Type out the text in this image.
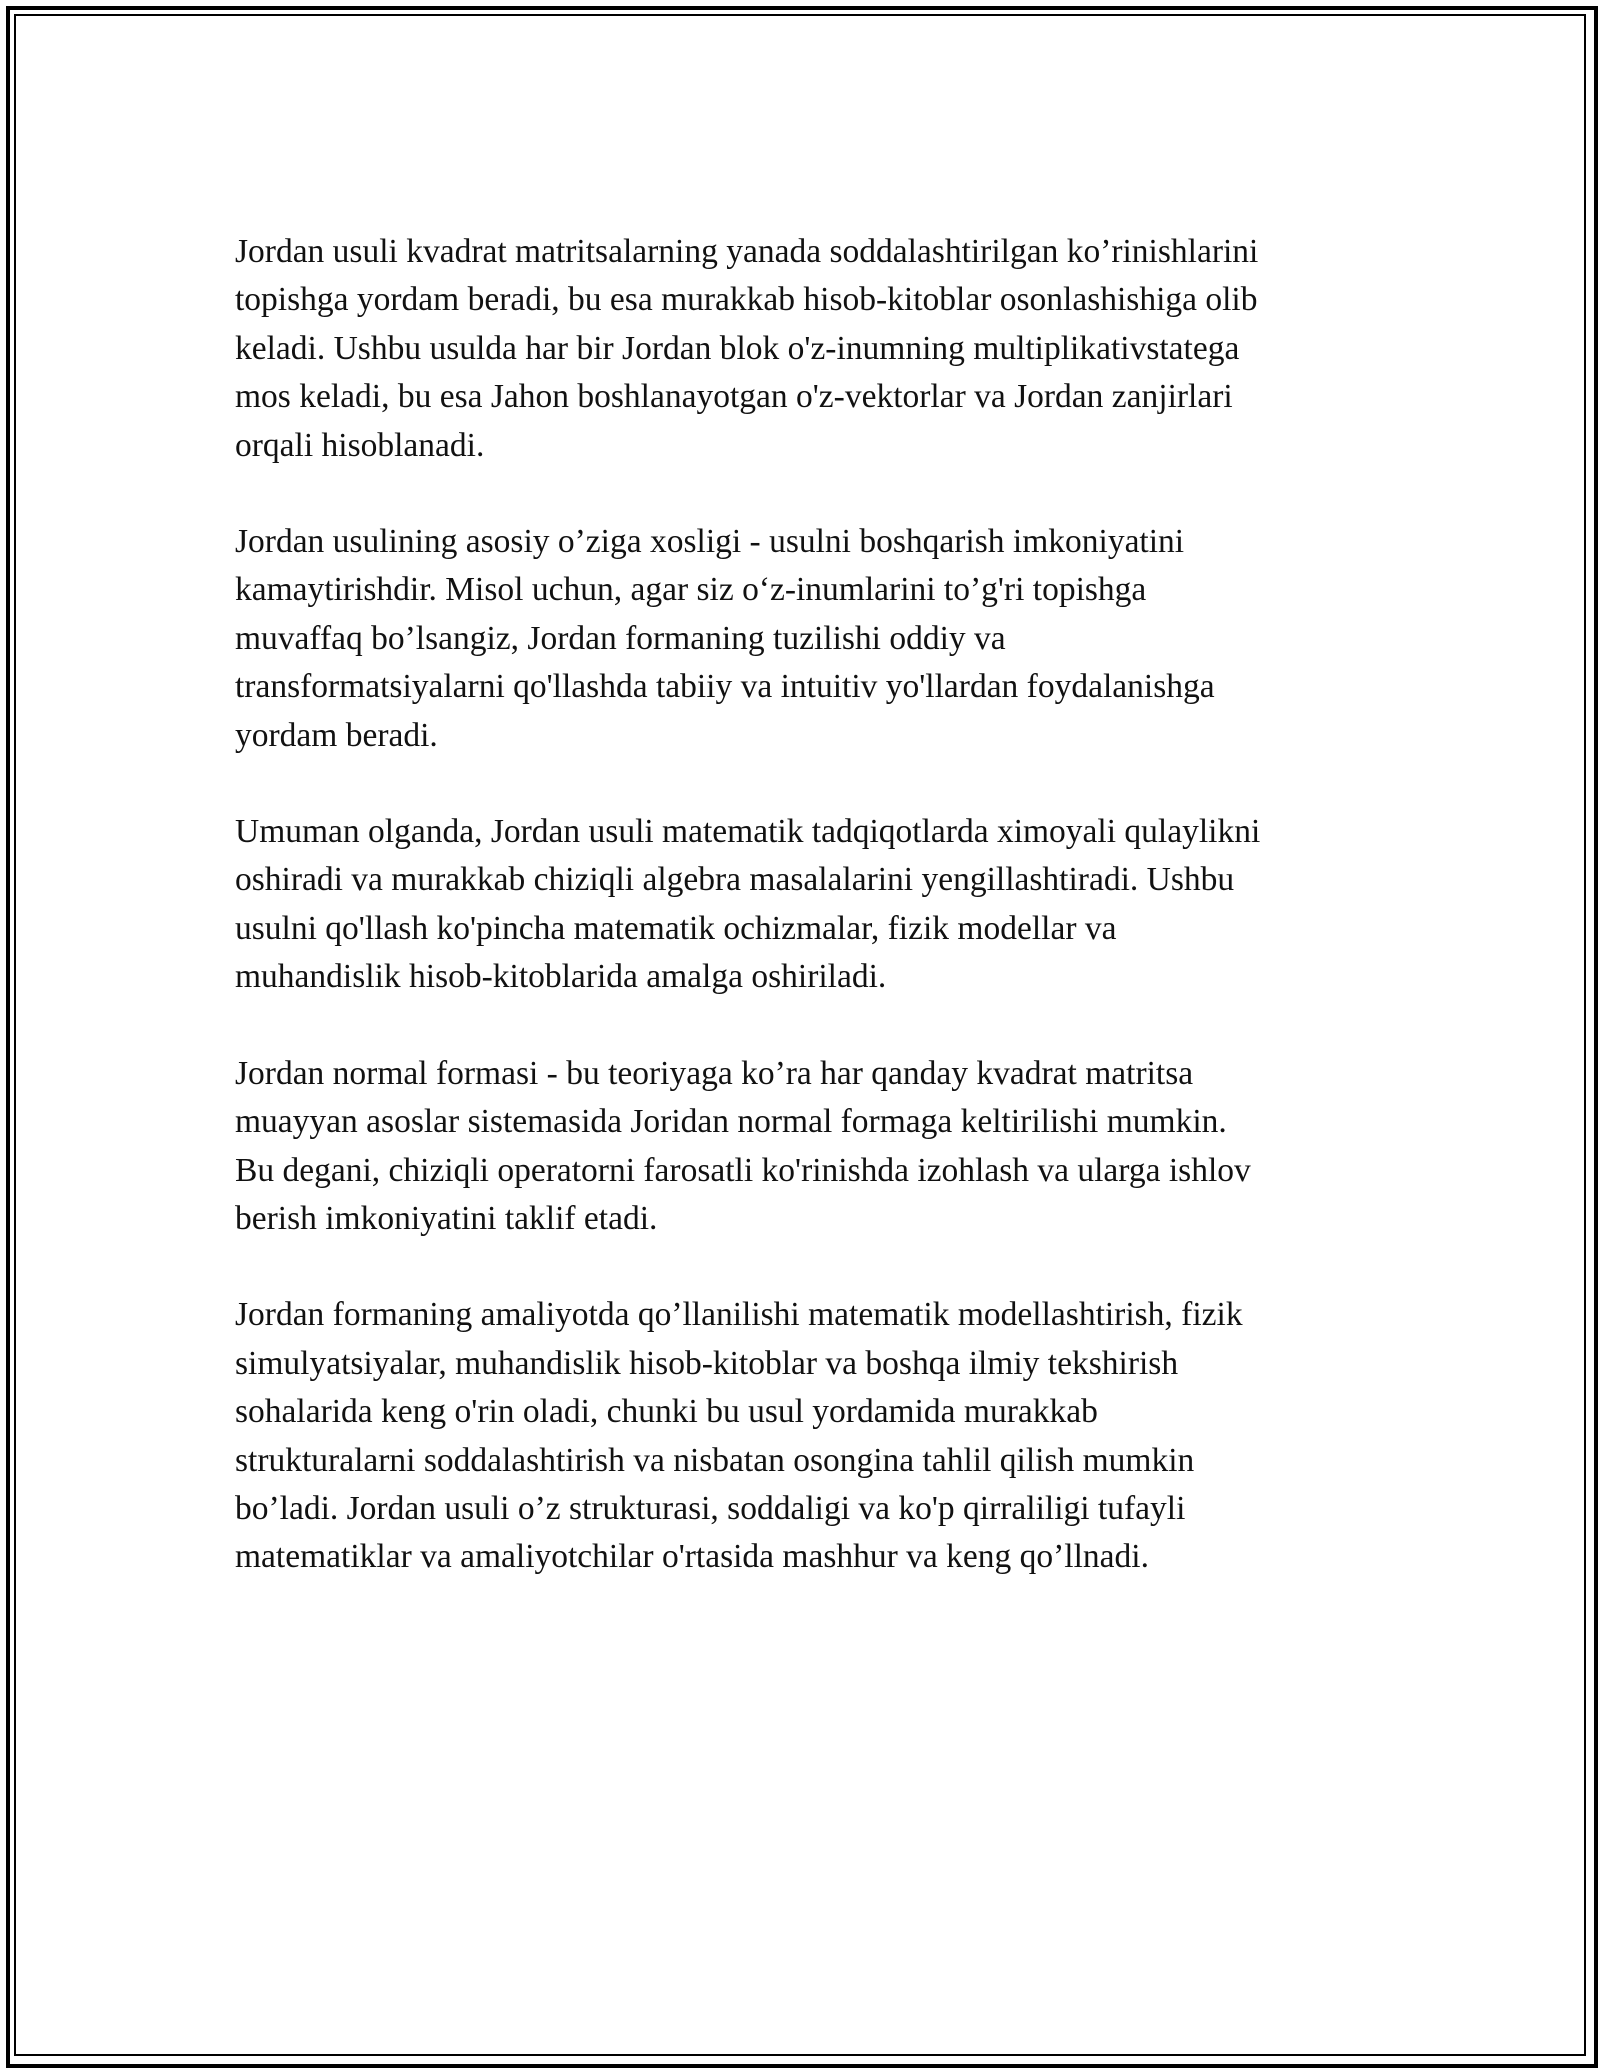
Jordan usuli kvadrat matritsalarning yanada soddalashtirilgan ko’rinishlarini
topishga yordam beradi, bu esa murakkab hisob-kitoblar osonlashishiga olib
keladi. Ushbu usulda har bir Jordan blok o'z-inumning multiplikativstatega
mos keladi, bu esa Jahon boshlanayotgan o'z-vektorlar va Jordan zanjirlari
orqali hisoblanadi.

Jordan usulining asosiy o’ziga xosligi - usulni boshqarish imkoniyatini
kamaytirishdir. Misol uchun, agar siz o‘z-inumlarini to’g'ri topishga
muvaffaq bo’lsangiz, Jordan formaning tuzilishi oddiy va
transformatsiyalarni qo'llashda tabiiy va intuitiv yo'llardan foydalanishga
yordam beradi.

Umuman olganda, Jordan usuli matematik tadqiqotlarda ximoyali qulaylikni
oshiradi va murakkab chiziqli algebra masalalarini yengillashtiradi. Ushbu
usulni qo'llash ko'pincha matematik ochizmalar, fizik modellar va
muhandislik hisob-kitoblarida amalga oshiriladi.

Jordan normal formasi - bu teoriyaga ko’ra har qanday kvadrat matritsa
muayyan asoslar sistemasida Joridan normal formaga keltirilishi mumkin.
Bu degani, chiziqli operatorni farosatli ko'rinishda izohlash va ularga ishlov
berish imkoniyatini taklif etadi.

Jordan formaning amaliyotda qo’llanilishi matematik modellashtirish, fizik
simulyatsiyalar, muhandislik hisob-kitoblar va boshqa ilmiy tekshirish
sohalarida keng o'rin oladi, chunki bu usul yordamida murakkab
strukturalarni soddalashtirish va nisbatan osongina tahlil qilish mumkin
bo’ladi. Jordan usuli o’z strukturasi, soddaligi va ko'p qirraliligi tufayli
matematiklar va amaliyotchilar o'rtasida mashhur va keng qo’llnadi.
